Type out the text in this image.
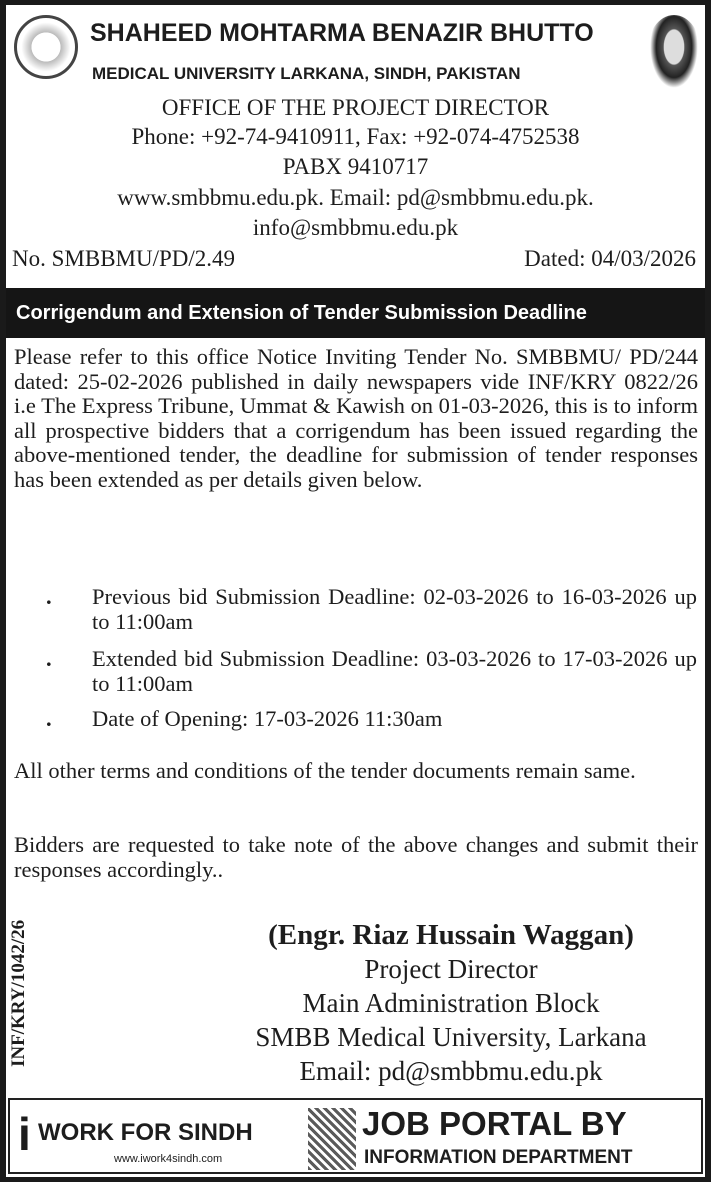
SHAHEED MOHTARMA BENAZIR BHUTTO
MEDICAL UNIVERSITY LARKANA, SINDH, PAKISTAN
OFFICE OF THE PROJECT DIRECTOR
Phone: +92-74-9410911, Fax: +92-074-4752538
PABX 9410717
www.smbbmu.edu.pk. Email: pd@smbbmu.edu.pk.
info@smbbmu.edu.pk
No. SMBBMU/PD/2.49	Dated: 04/03/2026
Corrigendum and Extension of Tender Submission Deadline
Please refer to this office Notice Inviting Tender No. SMBBMU/ PD/244 dated: 25-02-2026 published in daily newspapers vide INF/KRY 0822/26 i.e The Express Tribune, Ummat & Kawish on 01-03-2026, this is to inform all prospective bidders that a corrigendum has been issued regarding the above-mentioned tender, the deadline for submission of tender responses has been extended as per details given below.
.	Previous bid Submission Deadline: 02-03-2026 to 16-03-2026 up to 11:00am
.	Extended bid Submission Deadline: 03-03-2026 to 17-03-2026 up to 11:00am
.	Date of Opening: 17-03-2026 11:30am
All other terms and conditions of the tender documents remain same.
Bidders are requested to take note of the above changes and submit their responses accordingly..
INF/KRY/1042/26	(Engr. Riaz Hussain Waggan)
Project Director
Main Administration Block
SMBB Medical University, Larkana
Email: pd@smbbmu.edu.pk
i WORK FOR SINDH
www.iwork4sindh.com
JOB PORTAL BY
INFORMATION DEPARTMENT
